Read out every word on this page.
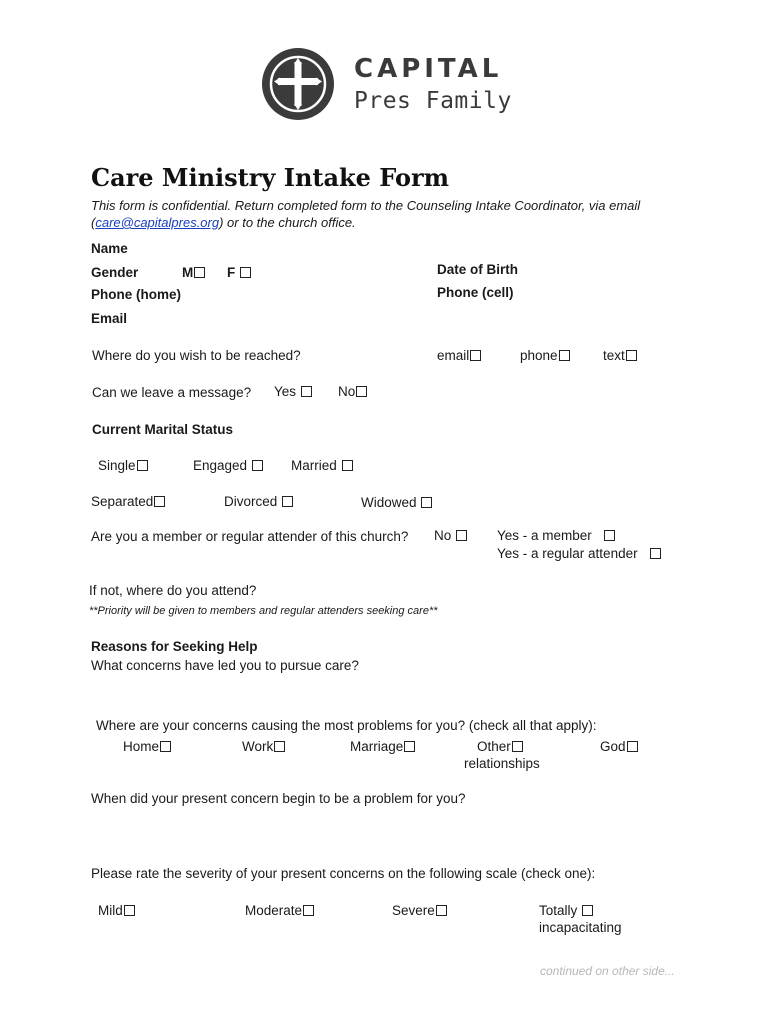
CAPITAL
Pres Family
Care Ministry Intake Form
This form is confidential. Return completed form to the Counseling Intake Coordinator, via email
(care@capitalpres.org) or to the church office.
Name
Gender	M	F	Date of Birth
Phone (home)	Phone (cell)
Email
Where do you wish to be reached?	email	phone	text
Can we leave a message? Yes	No
Current Marital Status
Single	Engaged	Married
Separated	Divorced	Widowed
Are you a member or regular attender of this church? No	Yes - a member
Yes - a regular attender
If not, where do you attend?
**Priority will be given to members and regular attenders seeking care**
Reasons for Seeking Help
What concerns have led you to pursue care?
Where are your concerns causing the most problems for you? (check all that apply):
Home	Work	Marriage	Other
relationships
God
When did your present concern begin to be a problem for you?
Please rate the severity of your present concerns on the following scale (check one):
Mild	Moderate	Severe	Totally
incapacitating
continued on other side...
